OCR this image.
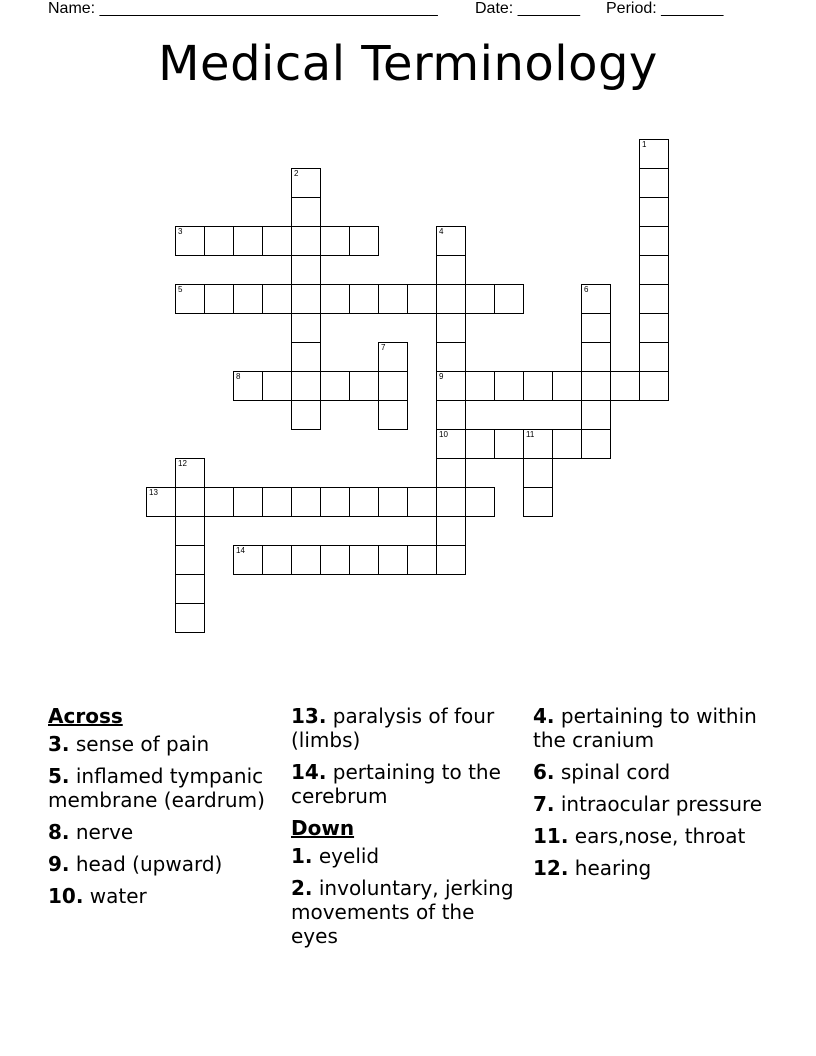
Name: ______________________________________ Date: _______ Period: _______
Medical Terminology
1
2
3	4
9
10
5	6
7
8
11
12
13
14
Across
3. sense of pain
5. inflamed tympanic membrane (eardrum)
8. nerve
9. head (upward)
10. water
13. paralysis of four (limbs)
14. pertaining to the cerebrum
Down
1. eyelid
2. involuntary, jerking movements of the eyes
4. pertaining to within the cranium
6. spinal cord
7. intraocular pressure
11. ears,nose, throat
12. hearing
